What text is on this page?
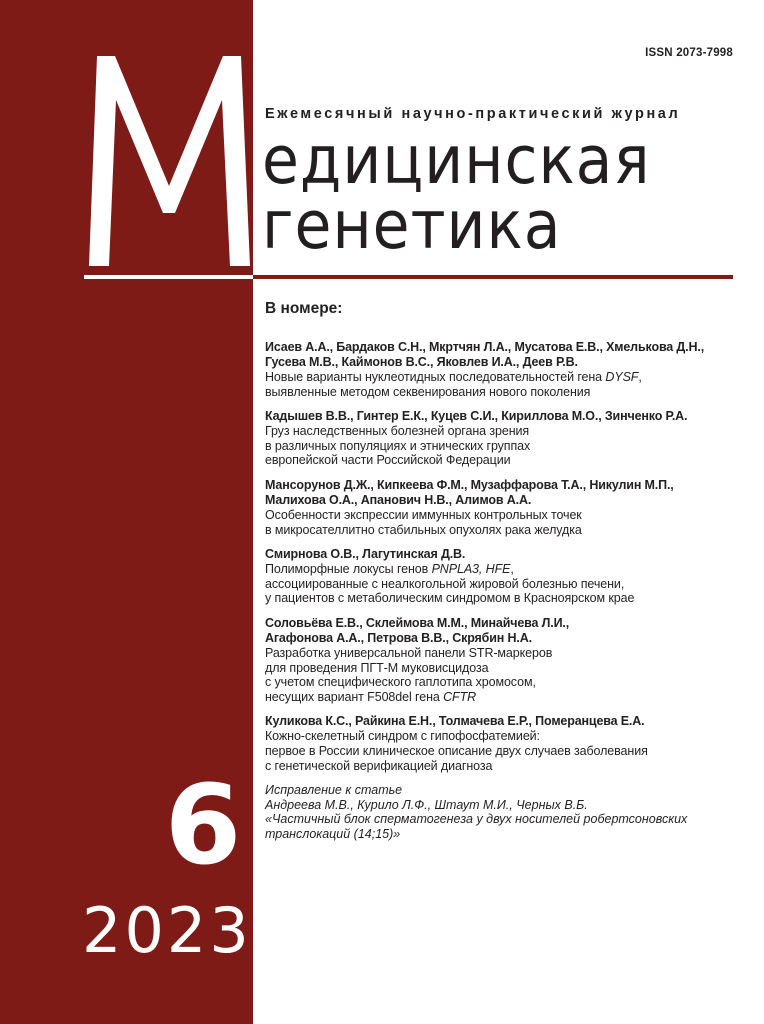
ISSN 2073-7998
Ежемесячный научно-практический журнал
едицинская
генетика
6
2023
В номере:
Исаев А.А., Бардаков С.Н., Мкртчян Л.А., Мусатова Е.В., Хмелькова Д.Н.,
Гусева М.В., Каймонов В.С., Яковлев И.А., Деев Р.В.
Новые варианты нуклеотидных последовательностей гена DYSF,
выявленные методом секвенирования нового поколения
Кадышев В.В., Гинтер Е.К., Куцев С.И., Кириллова М.О., Зинченко Р.А.
Груз наследственных болезней органа зрения
в различных популяциях и этнических группах
европейской части Российской Федерации
Мансорунов Д.Ж., Кипкеева Ф.М., Музаффарова Т.А., Никулин М.П.,
Малихова О.А., Апанович Н.В., Алимов А.А.
Особенности экспрессии иммунных контрольных точек
в микросателлитно стабильных опухолях рака желудка
Смирнова О.В., Лагутинская Д.В.
Полиморфные локусы генов PNPLA3, HFE,
ассоциированные с неалкогольной жировой болезнью печени,
у пациентов с метаболическим синдромом в Красноярском крае
Соловьёва Е.В., Склеймова М.М., Минайчева Л.И.,
Агафонова А.А., Петрова В.В., Скрябин Н.А.
Разработка универсальной панели STR-маркеров
для проведения ПГТ-М муковисцидоза
с учетом специфического гаплотипа хромосом,
несущих вариант F508del гена CFTR
Куликова К.С., Райкина Е.Н., Толмачева Е.Р., Померанцева Е.А.
Кожно-скелетный синдром с гипофосфатемией:
первое в России клиническое описание двух случаев заболевания
с генетической верификацией диагноза
Исправление к статье
Андреева М.В., Курило Л.Ф., Штаут М.И., Черных В.Б.
«Частичный блок сперматогенеза у двух носителей робертсоновских
транслокаций (14;15)»
